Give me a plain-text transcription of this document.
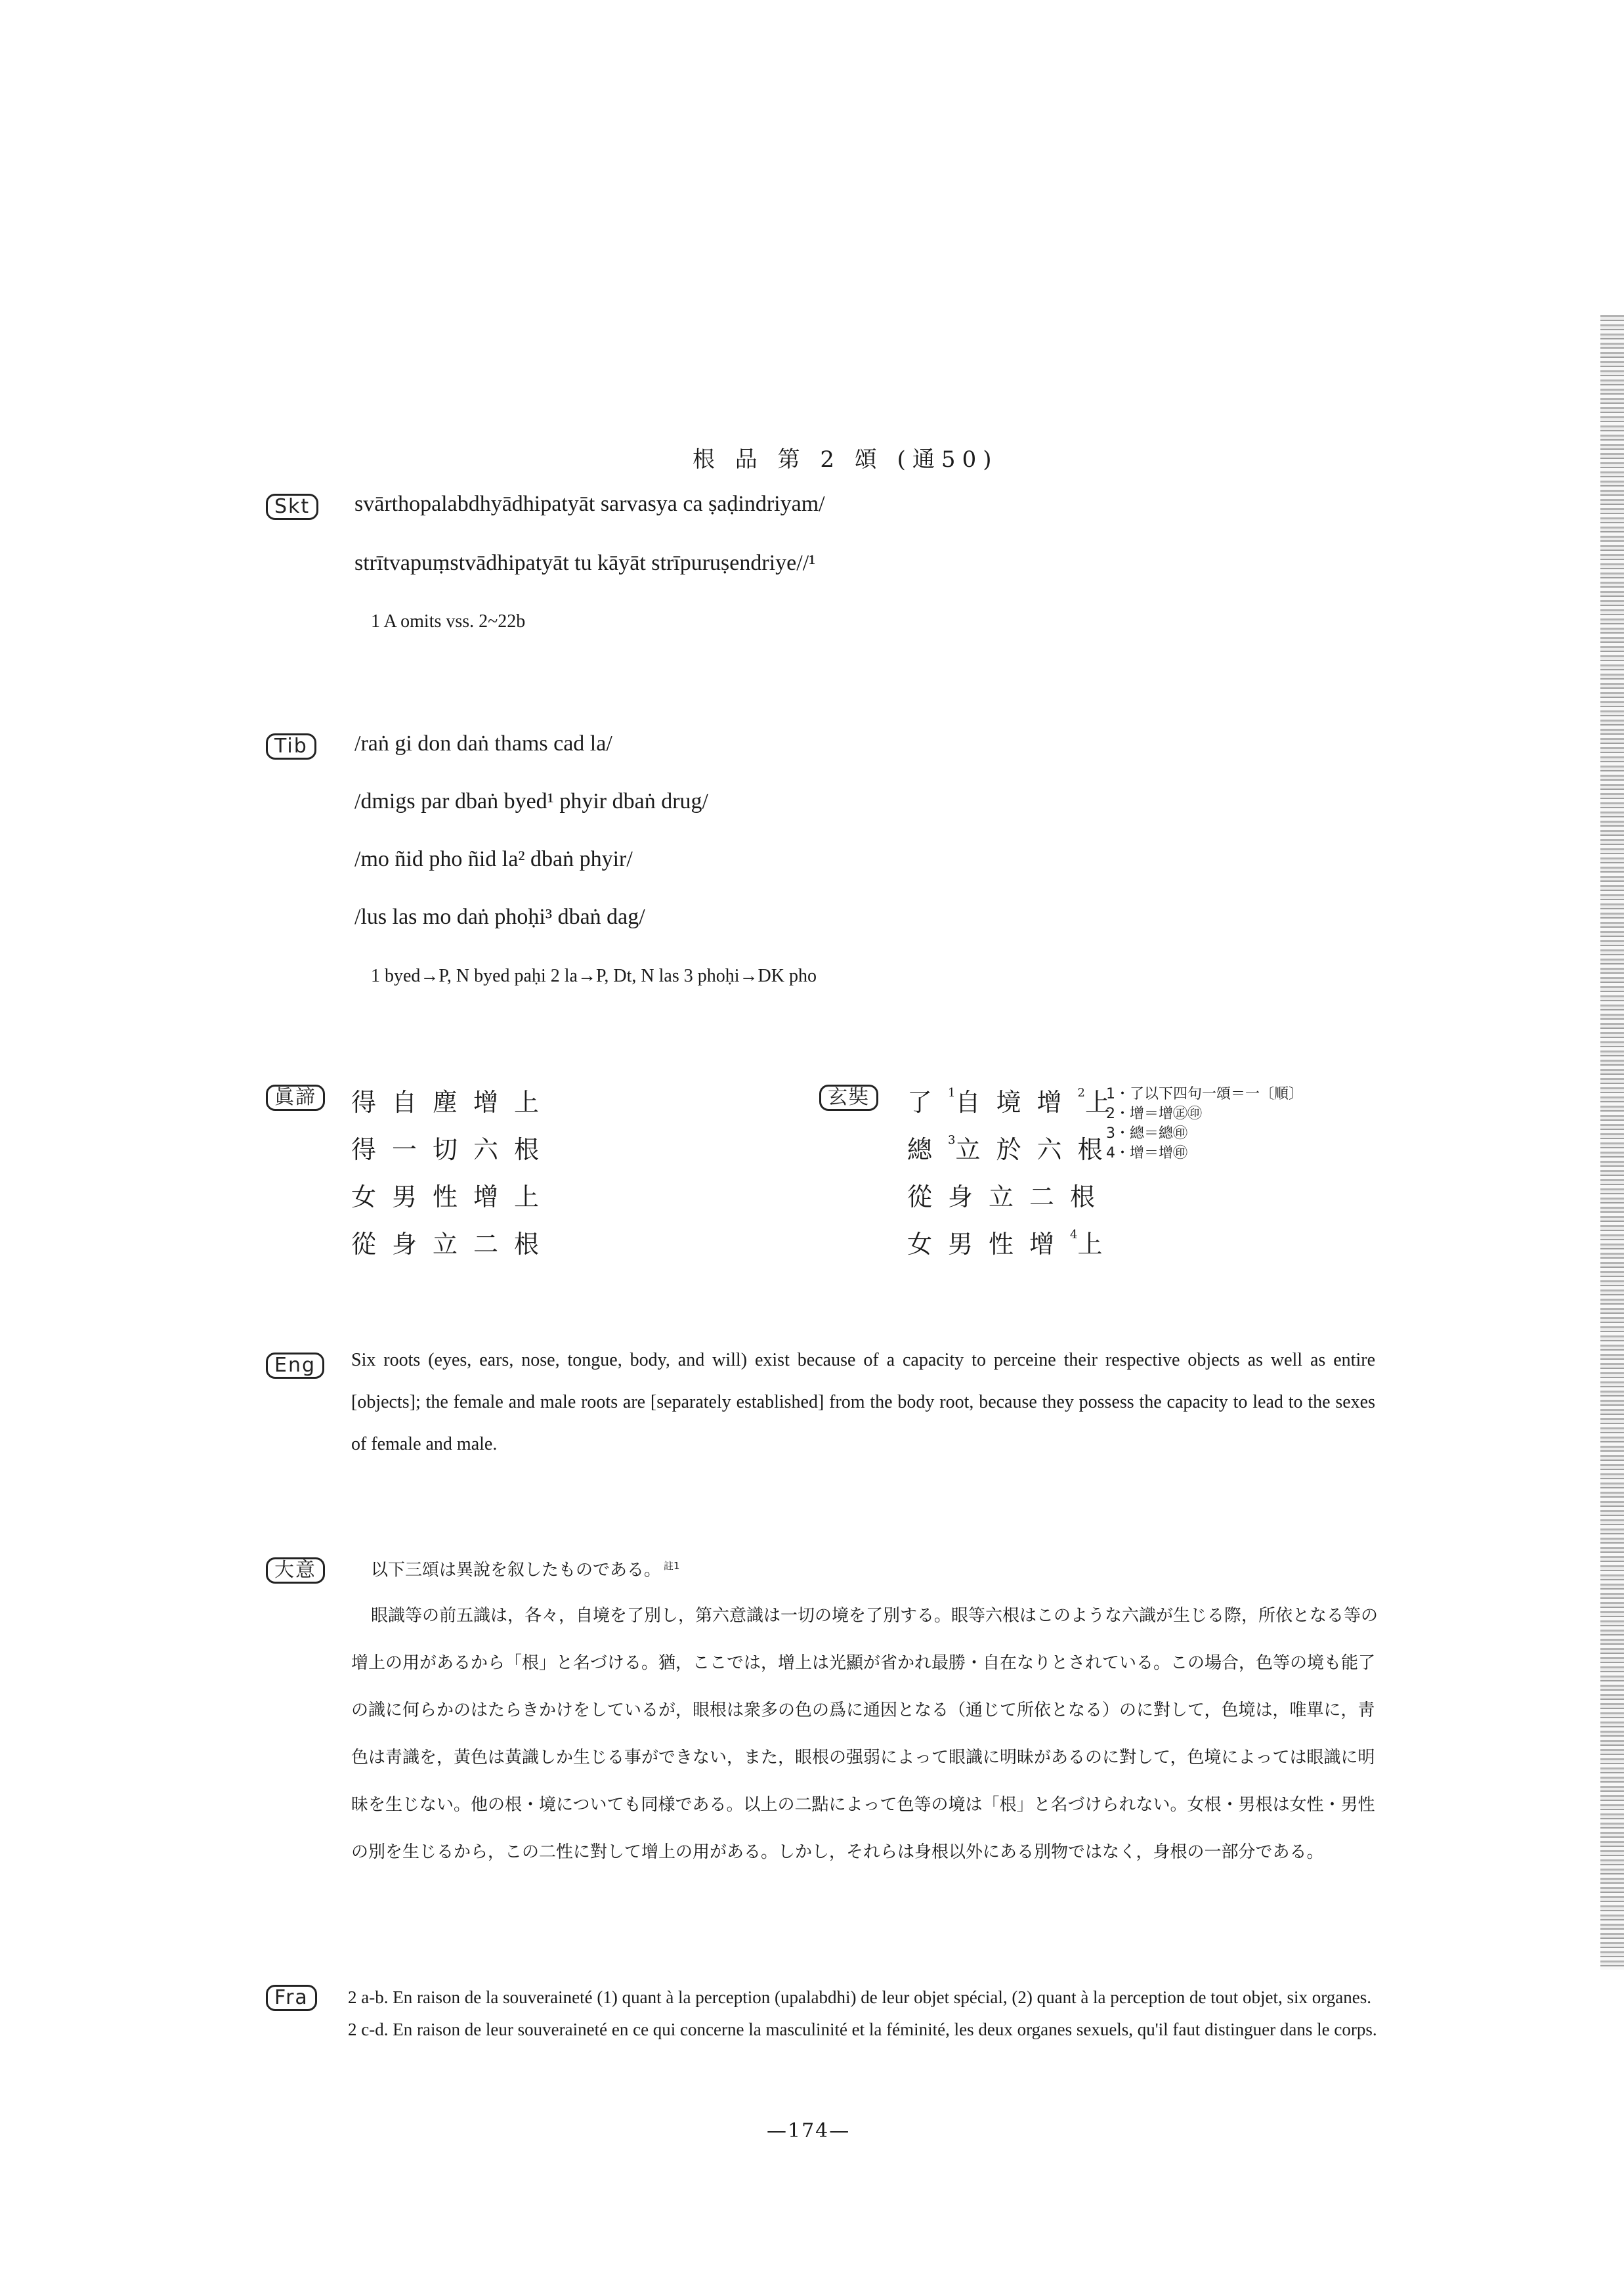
根 品 第 2 頌 (通50)
Skt	svārthopalabdhyādhipatyāt sarvasya ca ṣaḍindriyam/
strītvapuṃstvādhipatyāt tu kāyāt strīpuruṣendriye//¹
1 A omits vss. 2~22b
Tib	/raṅ gi don daṅ thams cad la/
/dmigs par dbaṅ byed¹ phyir dbaṅ drug/
/mo ñid pho ñid la² dbaṅ phyir/
/lus las mo daṅ phoḥi³ dbaṅ dag/
1 byed→P, N byed paḥi 2 la→P, Dt, N las 3 phoḥi→DK pho
眞諦	得自塵增上
得一切六根
女男性增上
從身立二根
玄奘	了$^1$自境增$^2$上
總$^3$立於六根
從身立二根
女男性增$^4$上
1・了以下四句一頌＝一〔順〕
2・增＝增㊣㊞
3・總＝總㊞
4・增＝增㊞
Eng	Six roots (eyes, ears, nose, tongue, body, and will) exist because of a capacity to perceine their respective objects as well as entire [objects]; the female and male roots are [separately established] from the body root, because they possess the capacity to lead to the sexes of female and male.
大意	以下三頌は異說を叙したものである。 $^{註1}$

眼識等の前五識は，各々，自境を了別し，第六意識は一切の境を了別する。眼等六根はこのような六識が生じる際，所依となる等の增上の用があるから「根」と名づける。猶，ここでは，增上は光顯が省かれ最勝・自在なりとされている。この場合，色等の境も能了の識に何らかのはたらきかけをしているが，眼根は衆多の色の爲に通因となる（通じて所依となる）のに對して，色境は，唯單に，靑色は靑識を，黃色は黃識しか生じる事ができない，また，眼根の强弱によって眼識に明昧があるのに對して，色境によっては眼識に明昧を生じない。他の根・境についても同様である。以上の二點によって色等の境は「根」と名づけられない。女根・男根は女性・男性の別を生じるから，この二性に對して增上の用がある。しかし，それらは身根以外にある別物ではなく，身根の一部分である。

Fra	2 a-b. En raison de la souveraineté (1) quant à la perception (upalabdhi) de leur objet spécial, (2) quant à la perception de tout objet, six organes.

2 c-d. En raison de leur souveraineté en ce qui concerne la masculinité et la féminité, les deux organes sexuels, qu'il faut distinguer dans le corps.

—174—
